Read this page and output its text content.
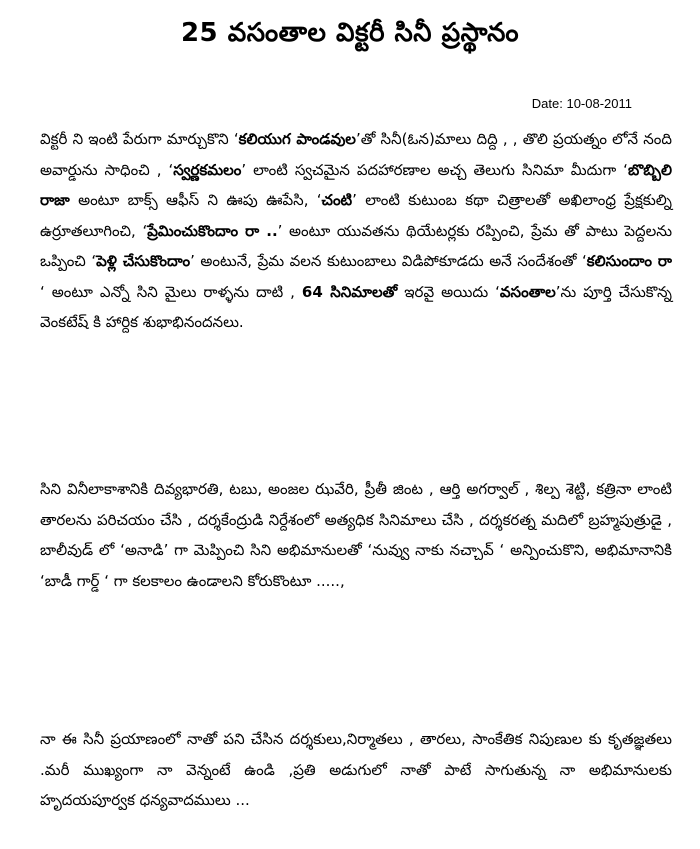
25 వసంతాల విక్టరీ సినీ ప్రస్థానం
Date: 10-08-2011
విక్టరీ ని ఇంటి పేరుగా మార్చుకొని ‘కలియుగ పాండవుల’తో సినీ(ఓన)మాలు దిద్ది , , తొలి ప్రయత్నం లోనే నంది అవార్డును సాధించి , ‘స్వర్ణకమలం’ లాంటి స్వచమైన పదహారణాల అచ్చ తెలుగు సినిమా మీదుగా ‘బొబ్బిలి రాజా అంటూ బాక్స్ ఆఫీస్ ని ఊపు ఊపేసి, ‘చంటి’ లాంటి కుటుంబ కథా చిత్రాలతో అఖిలాంధ్ర ప్రేక్షకుల్ని ఉర్రూతలూగించి, ‘ప్రేమించుకొందాం రా ..’ అంటూ యువతను థియేటర్లకు రప్పించి, ప్రేమ తో పాటు పెద్దలను ఒప్పించి ‘పెళ్లి చేసుకొందాం’ అంటునే, ప్రేమ వలన కుటుంబాలు విడిపోకూడదు అనే సందేశంతో ‘కలిసుందాం రా ‘ అంటూ ఎన్నో సిని మైలు రాళ్ళను దాటి , 64 సినిమాలతో ఇరవై అయిదు ‘వసంతాల’ను పూర్తి చేసుకొన్న వెంకటేష్ కి హార్దిక శుభాభినందనలు.
సిని వినీలాకాశానికి దివ్యభారతి, టబు, అంజల ఝవేరి, ప్రీతీ జింట , ఆర్తి అగర్వాల్ , శిల్ప శెట్టి, కత్రినా లాంటి తారలను పరిచయం చేసి , దర్శకేంద్రుడి నిర్దేశంలో అత్యధిక సినిమాలు చేసి , దర్శకరత్న మదిలో బ్రహ్మపుత్రుడై , బాలీవుడ్ లో ‘అనాడి’ గా మెప్పించి సిని అభిమానులతో ‘నువ్వు నాకు నచ్చావ్ ‘ అన్పించుకొని, అభిమానానికి ‘బాడీ గార్డ్ ‘ గా కలకాలం ఉండాలని కోరుకొంటూ .....,
నా ఈ సినీ ప్రయాణంలో నాతో పని చేసిన దర్శకులు,నిర్మాతలు , తారలు, సాంకేతిక నిపుణుల కు కృతజ్ఞతలు .మరీ ముఖ్యంగా నా వెన్నంటే ఉండి ,ప్రతి అడుగులో నాతో పాటే సాగుతున్న నా అభిమానులకు హృదయపూర్వక ధన్యవాదములు ...
